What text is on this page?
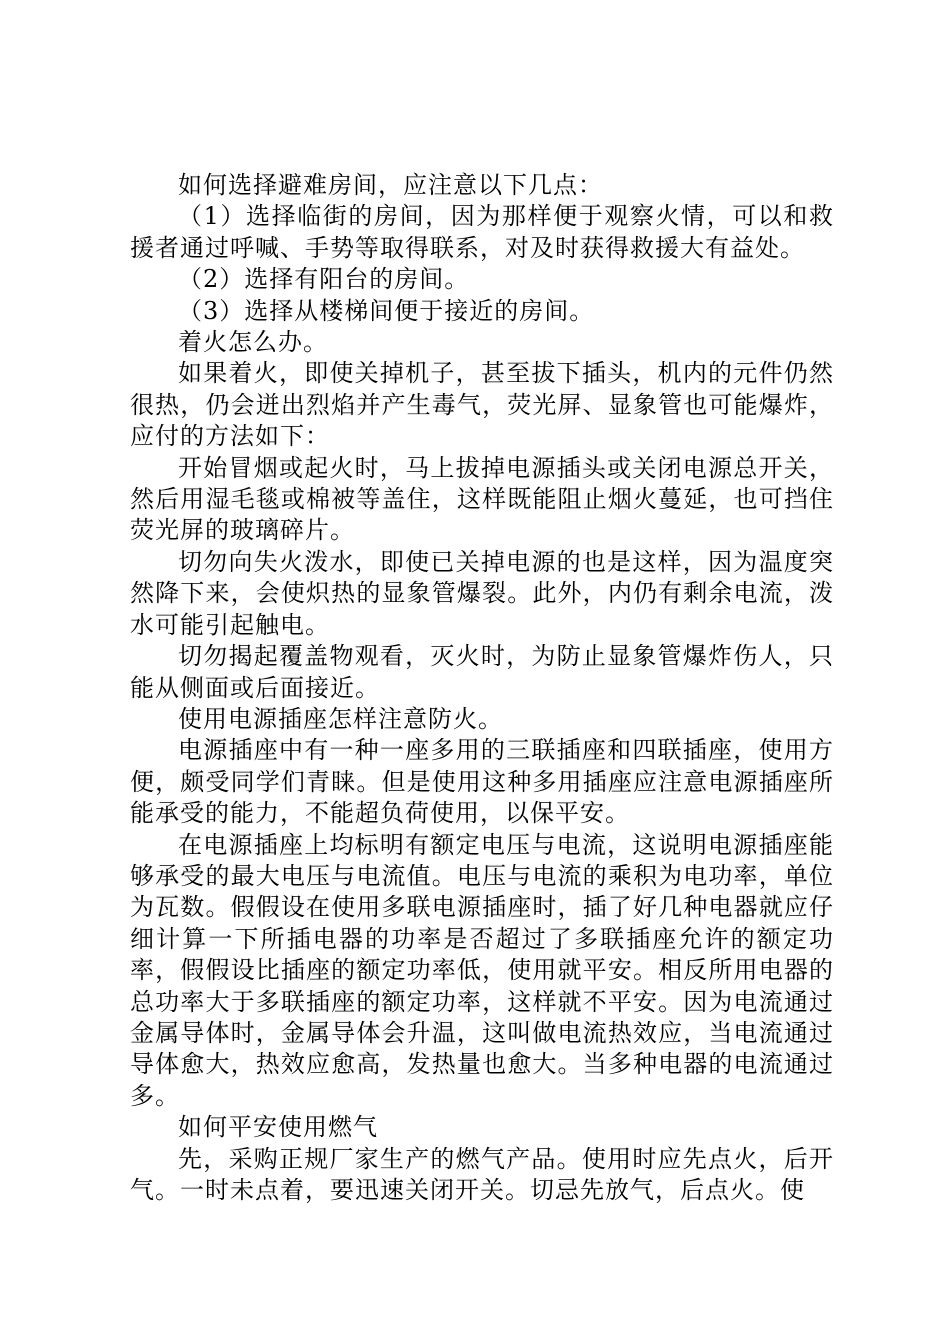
如何选择避难房间，应注意以下几点：

（1）选择临街的房间，因为那样便于观察火情，可以和救援者通过呼喊、手势等取得联系，对及时获得救援大有益处。

（2）选择有阳台的房间。

（3）选择从楼梯间便于接近的房间。

着火怎么办。

如果着火，即使关掉机子，甚至拔下插头，机内的元件仍然很热，仍会迸出烈焰并产生毒气，荧光屏、显象管也可能爆炸，应付的方法如下：

开始冒烟或起火时，马上拔掉电源插头或关闭电源总开关，然后用湿毛毯或棉被等盖住，这样既能阻止烟火蔓延，也可挡住荧光屏的玻璃碎片。

切勿向失火泼水，即使已关掉电源的也是这样，因为温度突然降下来，会使炽热的显象管爆裂。此外，内仍有剩余电流，泼水可能引起触电。

切勿揭起覆盖物观看，灭火时，为防止显象管爆炸伤人，只能从侧面或后面接近。

使用电源插座怎样注意防火。

电源插座中有一种一座多用的三联插座和四联插座，使用方便，颇受同学们青睐。但是使用这种多用插座应注意电源插座所能承受的能力，不能超负荷使用，以保平安。

在电源插座上均标明有额定电压与电流，这说明电源插座能够承受的最大电压与电流值。电压与电流的乘积为电功率，单位为瓦数。假假设在使用多联电源插座时，插了好几种电器就应仔细计算一下所插电器的功率是否超过了多联插座允许的额定功率，假假设比插座的额定功率低，使用就平安。相反所用电器的总功率大于多联插座的额定功率，这样就不平安。因为电流通过金属导体时，金属导体会升温，这叫做电流热效应，当电流通过导体愈大，热效应愈高，发热量也愈大。当多种电器的电流通过多。

如何平安使用燃气

先，采购正规厂家生产的燃气产品。使用时应先点火，后开气。一时未点着，要迅速关闭开关。切忌先放气，后点火。使
